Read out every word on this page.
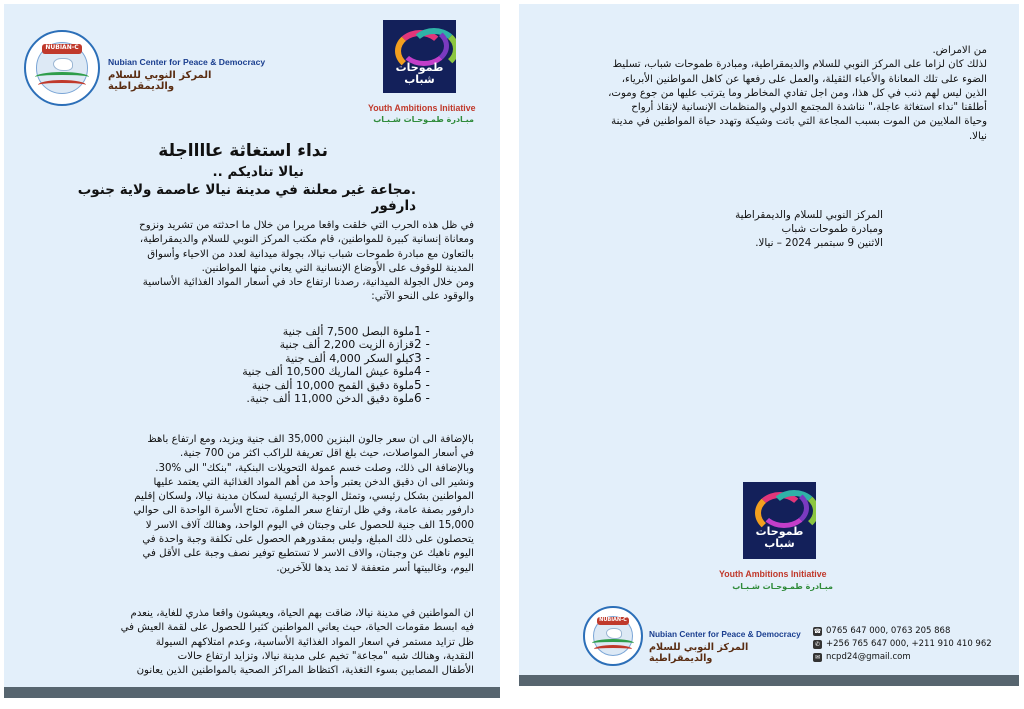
NUBIAN-C
Nubian Center for Peace & Democracy
المركز النوبي للسلام والديمقراطية
طموحات
شباب
Youth Ambitions Initiative
مبـادرة طمـوحـات شـبـاب
نداء استغاثة عااااجلة
نيالا تناديكم ..
.مجاعة غير معلنة في مدينة نيالا عاصمة ولاية جنوب دارفور

في ظل هذه الحرب التي خلقت واقعا مريرا من خلال ما احدثته من تشريد ونزوح

ومعاناة إنسانية كبيرة للمواطنين، قام مكتب المركز النوبي للسلام والديمقراطية،

بالتعاون مع مبادرة طموحات شباب نيالا، بجولة ميدانية لعدد من الاحياء وأسواق

المدينة للوقوف على الأوضاع الإنسانية التي يعاني منها المواطنين.

ومن خلال الجولة الميدانية، رصدنا ارتفاع حاد في أسعار المواد الغذائية الأساسية

والوقود على النحو الآتي:

ملوة البصل 7,500 ألف جنية 1 -
قزازة الزيت 2,200 ألف جنية 2 -
كيلو السكر 4,000 ألف جنية 3 -
ملوة عيش الماريك 10,500 ألف جنية 4 -
ملوة دقيق القمح 10,000 ألف جنية 5 -
ملوة دقيق الدخن 11,000 ألف جنية. 6 -

بالإضافة الى ان سعر جالون البنزين 35,000 الف جنية ويزيد، ومع ارتفاع باهظ

في أسعار المواصلات، حيث بلغ اقل تعريفة للراكب اكثر من 700 جنية.

وبالإضافة الى ذلك، وصلت خسم عمولة التحويلات البنكية، "بنكك" الى %30.

ونشير الى ان دقيق الدخن يعتبر وأحد من أهم المواد الغذائية التي يعتمد عليها

المواطنين بشكل رئيسي، وتمثل الوجبة الرئيسية لسكان مدينة نيالا، ولسكان إقليم

دارفور بصفة عامة، وفي ظل ارتفاع سعر الملوة، تحتاج الأسرة الواحدة الى حوالي

15,000 الف جنية للحصول على وجبتان في اليوم الواحد، وهنالك آلاف الاسر لا

يتحصلون على ذلك المبلغ، وليس بمقدورهم الحصول على تكلفة وجبة واحدة في

اليوم ناهيك عن وجبتان، والاف الاسر لا تستطيع توفير نصف وجبة على الأقل في

اليوم، وغالبيتها أسر متعففة لا تمد يدها للآخرين.

ان المواطنين في مدينة نيالا، ضاقت بهم الحياة، ويعيشون واقعا مذري للغاية، ينعدم

فيه ابسط مقومات الحياة، حيث يعاني المواطنين كثيرا للحصول على لقمة العيش في

ظل تزايد مستمر في اسعار المواد الغذائية الأساسية، وعدم امتلاكهم السيولة

النقدية، وهنالك شبه "مجاعة" تخيم على مدينة نيالا، وتزايد ارتفاع حالات

الأطفال المصابين بسوء التغذية، اكتظاظ المراكز الصحية بالمواطنين الذين يعانون

من الامراض.

لذلك كان لزاما على المركز النوبي للسلام والديمقراطية، ومبادرة طموحات شباب، تسليط

الضوء على تلك المعاناة والأعباء الثقيلة، والعمل على رفعها عن كاهل المواطنين الأبرياء،

الذين ليس لهم ذنب في كل هذا، ومن اجل تفادي المخاطر وما يترتب عليها من جوع وموت،

أطلقنا "نداء استغاثة عاجلة،" نناشدة المجتمع الدولي والمنظمات الإنسانية لإنقاذ أرواح

وحياة الملايين من الموت بسبب المجاعة التي باتت وشيكة وتهدد حياة المواطنين في مدينة

نيالا.

المركز النوبي للسلام والديمقراطية
ومبادرة طموحات شباب
الاثنين 9 سبتمبر 2024 – نيالا.
طموحات
شباب
Youth Ambitions Initiative
مبـادرة طمـوحـات شـبـاب
NUBIAN-C
Nubian Center for Peace & Democracy
المركز النوبي للسلام والديمقراطية
☎ 0765 647 000, 0763 205 868
✆ +256 765 647 000, +211 910 410 962
✉ ncpd24@gmail.com
